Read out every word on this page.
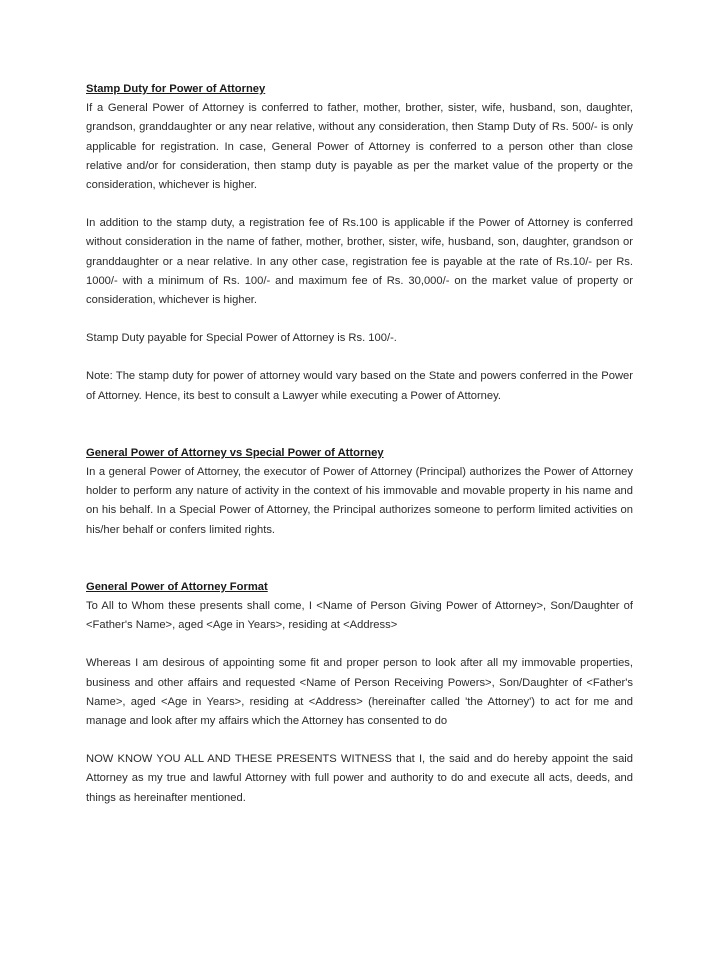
Stamp Duty for Power of Attorney

If a General Power of Attorney is conferred to father, mother, brother, sister, wife, husband, son, daughter, grandson, granddaughter or any near relative, without any consideration, then Stamp Duty of Rs. 500/- is only applicable for registration. In case, General Power of Attorney is conferred to a person other than close relative and/or for consideration, then stamp duty is payable as per the market value of the property or the consideration, whichever is higher.

In addition to the stamp duty, a registration fee of Rs.100 is applicable if the Power of Attorney is conferred without consideration in the name of father, mother, brother, sister, wife, husband, son, daughter, grandson or granddaughter or a near relative. In any other case, registration fee is payable at the rate of Rs.10/- per Rs. 1000/- with a minimum of Rs. 100/- and maximum fee of Rs. 30,000/- on the market value of property or consideration, whichever is higher.

Stamp Duty payable for Special Power of Attorney is Rs. 100/-.

Note: The stamp duty for power of attorney would vary based on the State and powers conferred in the Power of Attorney. Hence, its best to consult a Lawyer while executing a Power of Attorney.

General Power of Attorney vs Special Power of Attorney

In a general Power of Attorney, the executor of Power of Attorney (Principal) authorizes the Power of Attorney holder to perform any nature of activity in the context of his immovable and movable property in his name and on his behalf. In a Special Power of Attorney, the Principal authorizes someone to perform limited activities on his/her behalf or confers limited rights.

General Power of Attorney Format

To All to Whom these presents shall come, I <Name of Person Giving Power of Attorney>, Son/Daughter of <Father's Name>, aged <Age in Years>, residing at <Address>

Whereas I am desirous of appointing some fit and proper person to look after all my immovable properties, business and other affairs and requested <Name of Person Receiving Powers>, Son/Daughter of <Father's Name>, aged <Age in Years>, residing at <Address> (hereinafter called 'the Attorney') to act for me and manage and look after my affairs which the Attorney has consented to do

NOW KNOW YOU ALL AND THESE PRESENTS WITNESS that I, the said and do hereby appoint the said Attorney as my true and lawful Attorney with full power and authority to do and execute all acts, deeds, and things as hereinafter mentioned.
